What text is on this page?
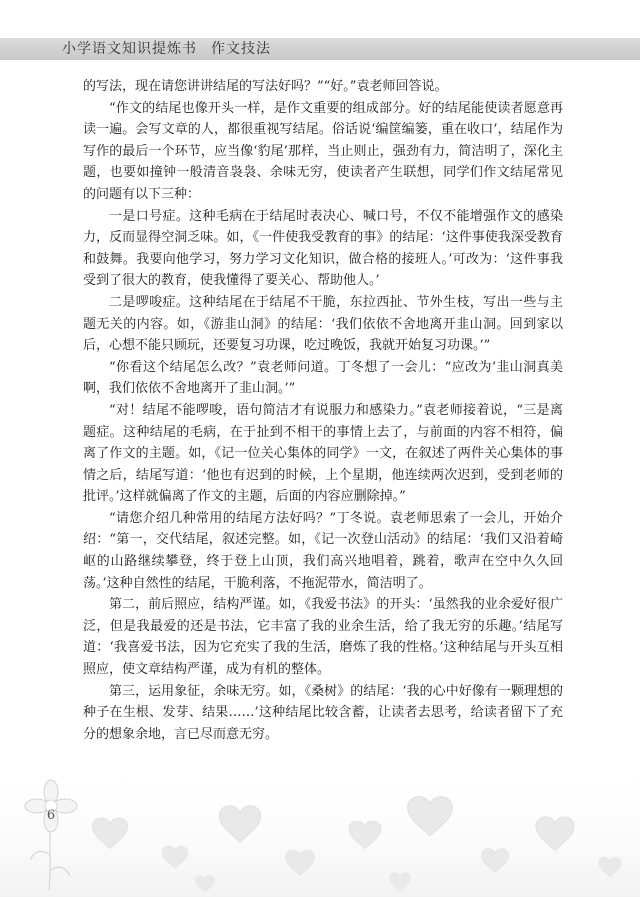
小学语文知识提炼书 作文技法

的写法，现在请您讲讲结尾的写法好吗？”“好。”袁老师回答说。

“作文的结尾也像开头一样，是作文重要的组成部分。好的结尾能使读者愿意再读一遍。会写文章的人，都很重视写结尾。俗话说‘编筐编篓，重在收口’，结尾作为写作的最后一个环节，应当像‘豹尾’那样，当止则止，强劲有力，简洁明了，深化主题，也要如撞钟一般清音袅袅、余味无穷，使读者产生联想，同学们作文结尾常见的问题有以下三种：

一是口号症。这种毛病在于结尾时表决心、喊口号，不仅不能增强作文的感染力，反而显得空洞乏味。如，《一件使我受教育的事》的结尾：‘这件事使我深受教育和鼓舞。我要向他学习，努力学习文化知识，做合格的接班人。’可改为：‘这件事我受到了很大的教育，使我懂得了要关心、帮助他人。’

二是啰唆症。这种结尾在于结尾不干脆，东拉西扯、节外生枝，写出一些与主题无关的内容。如，《游韭山洞》的结尾：‘我们依依不舍地离开韭山洞。回到家以后，心想不能只顾玩，还要复习功课，吃过晚饭，我就开始复习功课。’”

“你看这个结尾怎么改？”袁老师问道。丁冬想了一会儿：“应改为‘韭山洞真美啊，我们依依不舍地离开了韭山洞。’”

“对！结尾不能啰唆，语句简洁才有说服力和感染力。”袁老师接着说，“三是离题症。这种结尾的毛病，在于扯到不相干的事情上去了，与前面的内容不相符，偏离了作文的主题。如，《记一位关心集体的同学》一文，在叙述了两件关心集体的事情之后，结尾写道：‘他也有迟到的时候，上个星期，他连续两次迟到，受到老师的批评。’这样就偏离了作文的主题，后面的内容应删除掉。”

“请您介绍几种常用的结尾方法好吗？”丁冬说。袁老师思索了一会儿，开始介绍：“第一，交代结尾，叙述完整。如，《记一次登山活动》的结尾：‘我们又沿着崎岖的山路继续攀登，终于登上山顶，我们高兴地唱着，跳着，歌声在空中久久回荡。’这种自然性的结尾，干脆利落，不拖泥带水，简洁明了。

第二，前后照应，结构严谨。如，《我爱书法》的开头：‘虽然我的业余爱好很广泛，但是我最爱的还是书法，它丰富了我的业余生活，给了我无穷的乐趣。’结尾写道：‘我喜爱书法，因为它充实了我的生活，磨炼了我的性格。’这种结尾与开头互相照应，使文章结构严谨，成为有机的整体。

第三，运用象征，余味无穷。如，《桑树》的结尾：‘我的心中好像有一颗理想的种子在生根、发芽、结果……’这种结尾比较含蓄，让读者去思考，给读者留下了充分的想象余地，言已尽而意无穷。

6
